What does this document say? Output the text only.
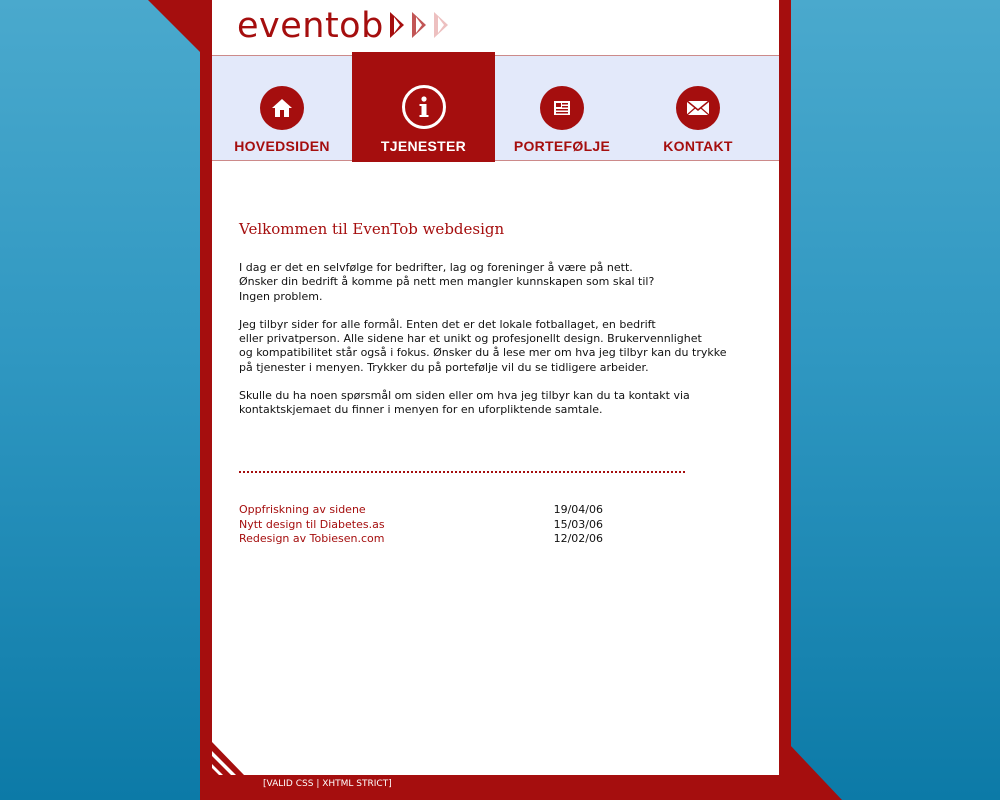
eventob
HOVEDSIDEN	TJENESTER	PORTEFØLJE	KONTAKT
Velkommen til EvenTob webdesign
I dag er det en selvfølge for bedrifter, lag og foreninger å være på nett.
Ønsker din bedrift å komme på nett men mangler kunnskapen som skal til?
Ingen problem.
Jeg tilbyr sider for alle formål. Enten det er det lokale fotballaget, en bedrift
eller privatperson. Alle sidene har et unikt og profesjonellt design. Brukervennlighet
og kompatibilitet står også i fokus. Ønsker du å lese mer om hva jeg tilbyr kan du trykke
på tjenester i menyen. Trykker du på portefølje vil du se tidligere arbeider.
Skulle du ha noen spørsmål om siden eller om hva jeg tilbyr kan du ta kontakt via
kontaktskjemaet du finner i menyen for en uforpliktende samtale.
Oppfriskning av sidene	19/04/06
Nytt design til Diabetes.as	15/03/06
Redesign av Tobiesen.com	12/02/06
[VALID CSS | XHTML STRICT]
